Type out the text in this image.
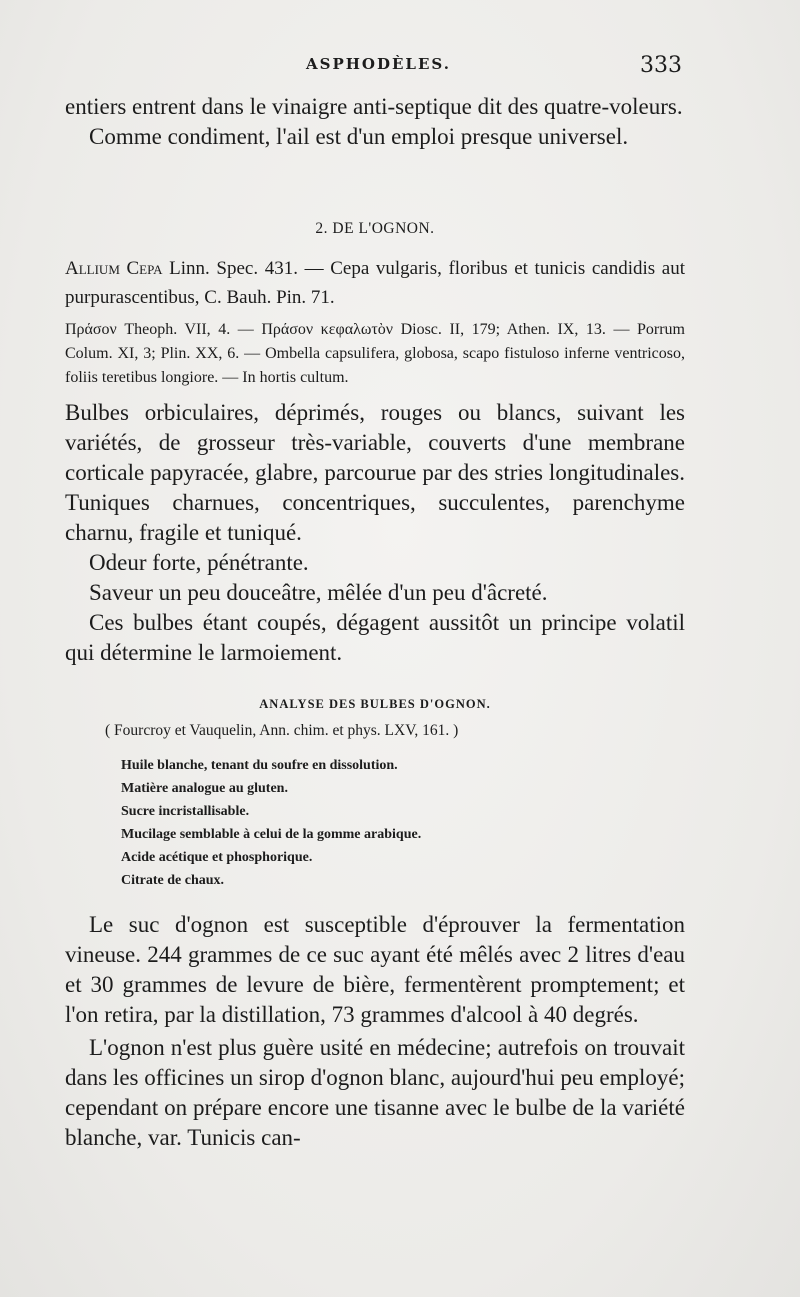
ASPHODÈLES.	333

entiers entrent dans le vinaigre anti-septique dit des quatre-voleurs.

Comme condiment, l'ail est d'un emploi presque universel.

2. DE L'OGNON.
Allium Cepa Linn. Spec. 431. — Cepa vulgaris, floribus et tunicis candidis aut purpurascentibus, C. Bauh. Pin. 71.
Πράσον Theoph. VII, 4. — Πράσον κεφαλωτὸν Diosc. II, 179; Athen. IX, 13. — Porrum Colum. XI, 3; Plin. XX, 6. — Ombella capsulifera, globosa, scapo fistuloso inferne ventricoso, foliis teretibus longiore. — In hortis cultum.

Bulbes orbiculaires, déprimés, rouges ou blancs, suivant les variétés, de grosseur très-variable, couverts d'une membrane corticale papyracée, glabre, parcourue par des stries longitudinales. Tuniques charnues, concentriques, succulentes, parenchyme charnu, fragile et tuniqué.

Odeur forte, pénétrante.

Saveur un peu douceâtre, mêlée d'un peu d'âcreté.

Ces bulbes étant coupés, dégagent aussitôt un principe volatil qui détermine le larmoiement.

ANALYSE DES BULBES D'OGNON.
( Fourcroy et Vauquelin, Ann. chim. et phys. LXV, 161. )
Huile blanche, tenant du soufre en dissolution.
Matière analogue au gluten.
Sucre incristallisable.
Mucilage semblable à celui de la gomme arabique.
Acide acétique et phosphorique.
Citrate de chaux.

Le suc d'ognon est susceptible d'éprouver la fermentation vineuse. 244 grammes de ce suc ayant été mêlés avec 2 litres d'eau et 30 grammes de levure de bière, fermentèrent promptement; et l'on retira, par la distillation, 73 grammes d'alcool à 40 degrés.

L'ognon n'est plus guère usité en médecine; autrefois on trouvait dans les officines un sirop d'ognon blanc, aujourd'hui peu employé; cependant on prépare encore une tisanne avec le bulbe de la variété blanche, var. Tunicis can-
